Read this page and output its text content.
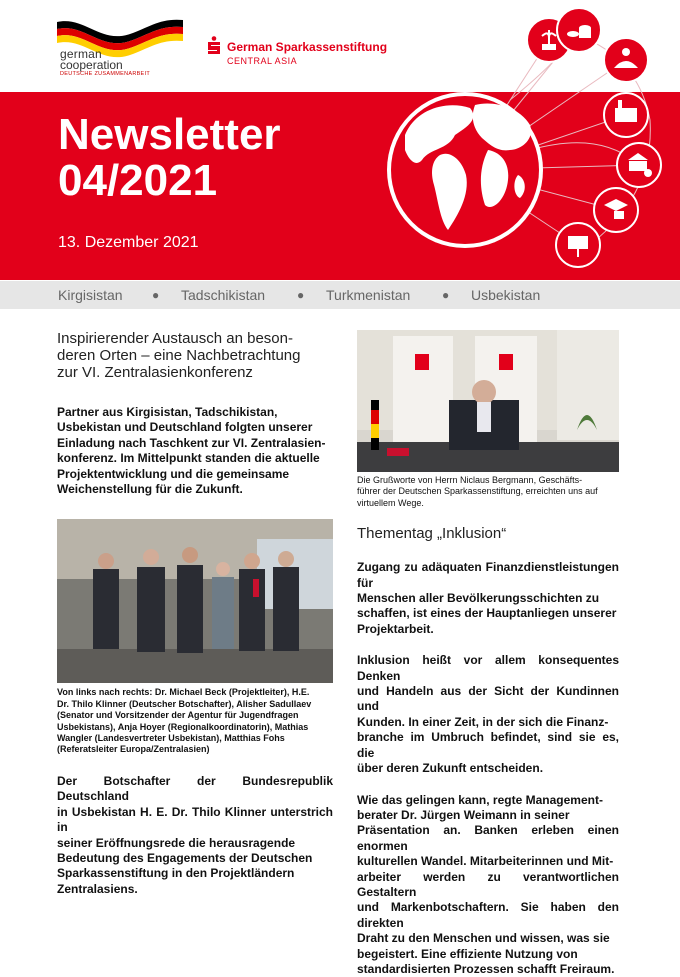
german
cooperation
DEUTSCHE ZUSAMMENARBEIT
German Sparkassenstiftung
CENTRAL ASIA
Newsletter
04/2021
13. Dezember 2021
Kirgisistan ● Tadschikistan	● Turkmenistan	● Usbekistan
Inspirierender Austausch an beson-
deren Orten – eine Nachbetrachtung
zur VI. Zentralasienkonferenz
Partner aus Kirgisistan, Tadschikistan,
Usbekistan und Deutschland folgten unserer
Einladung nach Taschkent zur VI. Zentralasien-
konferenz. Im Mittelpunkt standen die aktuelle
Projektentwicklung und die gemeinsame
Weichenstellung für die Zukunft.
Von links nach rechts: Dr. Michael Beck (Projektleiter), H.E.
Dr. Thilo Klinner (Deutscher Botschafter), Alisher Sadullaev
(Senator und Vorsitzender der Agentur für Jugendfragen
Usbekistans), Anja Hoyer (Regionalkoordinatorin), Mathias
Wangler (Landesvertreter Usbekistan), Matthias Fohs
(Referatsleiter Europa/Zentralasien)
Der Botschafter der Bundesrepublik Deutschland
in Usbekistan H. E. Dr. Thilo Klinner unterstrich in
seiner Eröffnungsrede die herausragende
Bedeutung des Engagements der Deutschen
Sparkassenstiftung in den Projektländern
Zentralasiens.
Die Grußworte von Herrn Niclaus Bergmann, Geschäfts-
führer der Deutschen Sparkassenstiftung, erreichten uns auf
virtuellem Wege.
Thementag „Inklusion“
Zugang zu adäquaten Finanzdienstleistungen für
Menschen aller Bevölkerungsschichten zu
schaffen, ist eines der Hauptanliegen unserer
Projektarbeit.
Inklusion heißt vor allem konsequentes Denken
und Handeln aus der Sicht der Kundinnen und
Kunden. In einer Zeit, in der sich die Finanz-
branche im Umbruch befindet, sind sie es, die
über deren Zukunft entscheiden.
Wie das gelingen kann, regte Management-
berater Dr. Jürgen Weimann in seiner
Präsentation an. Banken erleben einen enormen
kulturellen Wandel. Mitarbeiterinnen und Mit-
arbeiter werden zu verantwortlichen Gestaltern
und Markenbotschaftern. Sie haben den direkten
Draht zu den Menschen und wissen, was sie
begeistert. Eine effiziente Nutzung von
standardisierten Prozessen schafft Freiraum.
